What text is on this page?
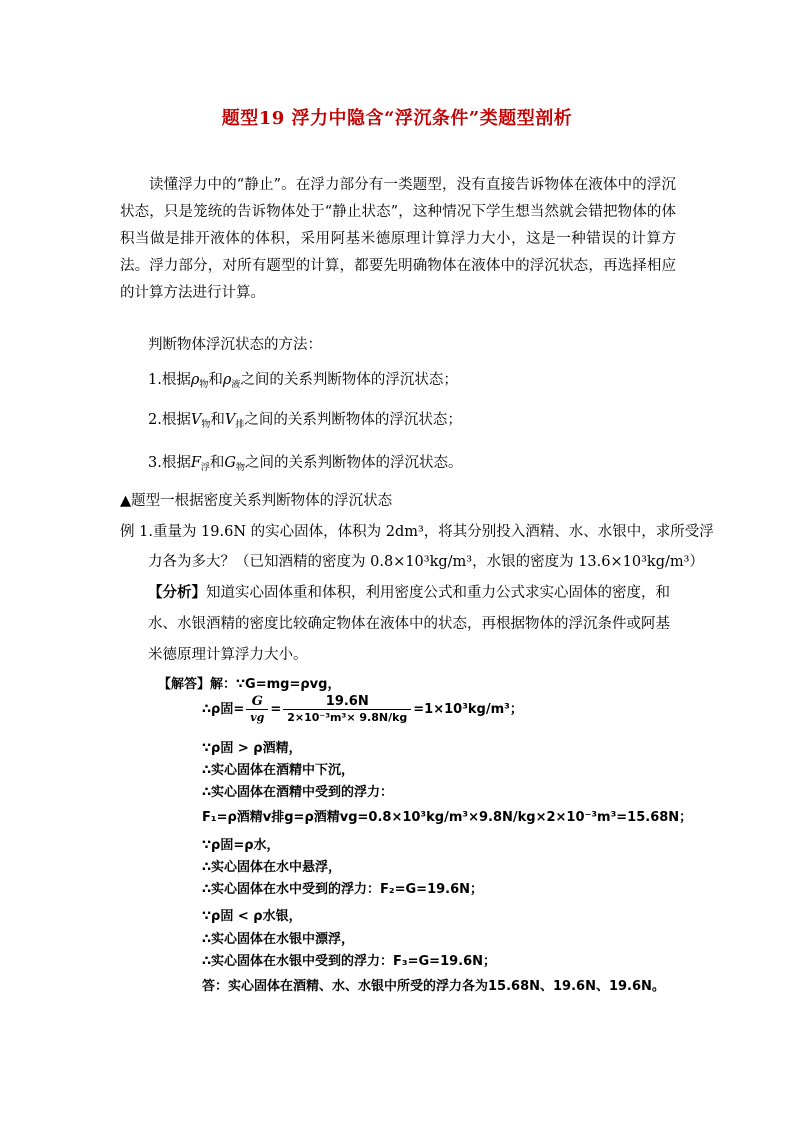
题型19 浮力中隐含“浮沉条件”类题型剖析
读懂浮力中的“静止”。在浮力部分有一类题型，没有直接告诉物体在液体中的浮沉状态，只是笼统的告诉物体处于“静止状态”，这种情况下学生想当然就会错把物体的体积当做是排开液体的体积，采用阿基米德原理计算浮力大小，这是一种错误的计算方法。浮力部分，对所有题型的计算，都要先明确物体在液体中的浮沉状态，再选择相应的计算方法进行计算。
判断物体浮沉状态的方法：
1.根据$\rho_物$和$\rho_液$之间的关系判断物体的浮沉状态；
2.根据$V_物$和$V_排$之间的关系判断物体的浮沉状态；
3.根据$F_浮$和$G_物$之间的关系判断物体的浮沉状态。
▲题型一根据密度关系判断物体的浮沉状态
例 1.重量为 19.6N 的实心固体，体积为 2dm³，将其分别投入酒精、水、水银中，求所受浮
力各为多大？（已知酒精的密度为 0.8×10³kg/m³，水银的密度为 13.6×10³kg/m³）
【分析】知道实心固体重和体积，利用密度公式和重力公式求实心固体的密度，和
水、水银酒精的密度比较确定物体在液体中的状态，再根据物体的浮沉条件或阿基
米德原理计算浮力大小。
【解答】解：∵G=mg=ρvg，
∴ρ固= $\frac{G}{vg} = \frac{19.6N}{\text{2×10⁻³m³× 9.8N/kg}} =1\times 10^3kg/m^3$；
∵ρ固 > ρ酒精，
∴实心固体在酒精中下沉，
∴实心固体在酒精中受到的浮力：
F₁=ρ酒精v排g=ρ酒精vg=0.8×10³kg/m³×9.8N/kg×2×10⁻³m³=15.68N；
∵ρ固=ρ水，
∴实心固体在水中悬浮，
∴实心固体在水中受到的浮力：F₂=G=19.6N；
∵ρ固 < ρ水银，
∴实心固体在水银中漂浮，
∴实心固体在水银中受到的浮力：F₃=G=19.6N；
答：实心固体在酒精、水、水银中所受的浮力各为15.68N、19.6N、19.6N。
